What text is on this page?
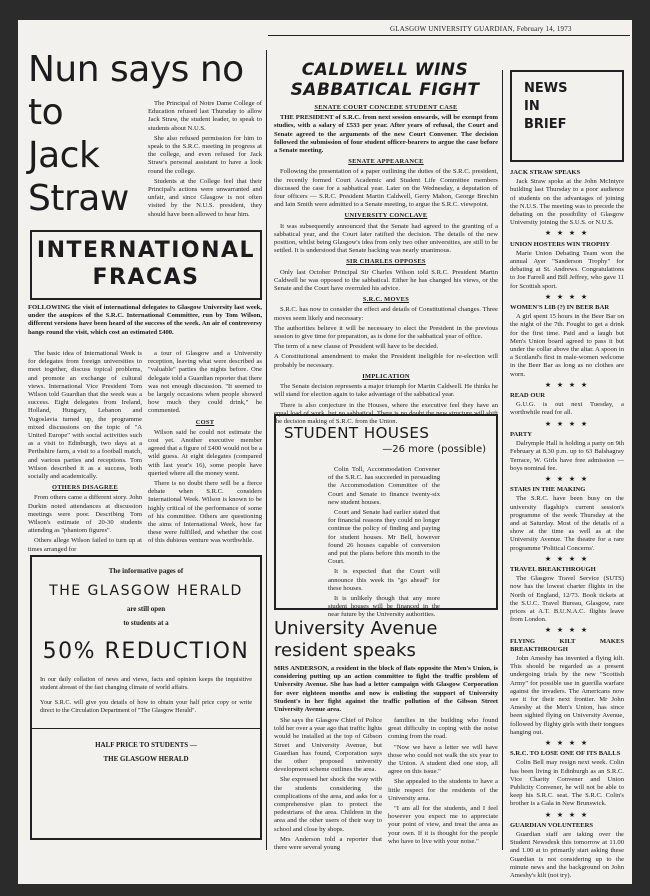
GLASGOW UNIVERSITY GUARDIAN, February 14, 1973
Nun says no
to
Jack
Straw

The Principal of Notre Dame College of Education refused last Thursday to allow Jack Straw, the student leader, to speak to students about N.U.S.

She also refused permission for him to speak to the S.R.C. meeting in progress at the college, and even refused for Jack Straw's personal assistant to have a look round the college.

Students at the College feel that their Principal's actions were unwarranted and unfair, and since Glasgow is not often visited by the N.U.S. president, they should have been allowed to hear him.

INTERNATIONAL
FRACAS
FOLLOWING the visit of international delegates to Glasgow University last week, under the auspices of the S.R.C. International Committee, run by Tom Wilson, different versions have been heard of the success of the week. An air of controversy hangs round the visit, which cost an estimated £400.

The basic idea of International Week is for delegates from foreign universities to meet together, discuss topical problems, and promote an exchange of cultural views. International Vice President Tom Wilson told Guardian that the week was a success. Eight delegates from Ireland, Holland, Hungary, Lebanon and Yugoslavia turned up, the programme mixed discussions on the topic of "A United Europe" with social activities such as a visit to Edinburgh, two days at a Perthshire farm, a visit to a football match, and various parties and receptions. Tom Wilson described it as a success, both socially and academically.

OTHERS DISAGREE

From others came a different story. John Durkin noted attendances at discussion meetings were poor. Describing Tom Wilson's estimate of 20-30 students attending as "phantom figures".

Others allege Wilson failed to turn up at times arranged for

a tour of Glasgow and a University reception, leaving what were described as "valuable" parties the nights before. One delegate told a Guardian reporter that there was not enough discussion. "It seemed to be largely occasions when people showed how much they could drink," he commented.

COST

Wilson said he could not estimate the cost yet. Another executive member agreed that a figure of £400 would not be a wild guess. At eight delegates (compared with last year's 16), some people have queried where all the money went.

There is no doubt there will be a fierce debate when S.R.C. considers International Week. Wilson is known to be highly critical of the performance of some of his committee. Others are questioning the aims of International Week, how far these were fulfilled, and whether the cost of this dubious venture was worthwhile.

The informative pages of
THE GLASGOW HERALD
are still open
to students at a
50% REDUCTION
In our daily collation of news and views, facts and opinion keeps the inquisitive student abreast of the fast changing climate of world affairs.
Your S.R.C. will give you details of how to obtain your half price copy or write direct to the Circulation Department of "The Glasgow Herald".
HALF PRICE TO STUDENTS —
THE GLASGOW HERALD
CALDWELL WINS
SABBATICAL FIGHT
SENATE COURT CONCEDE STUDENT CASE

THE PRESIDENT of S.R.C. from next session onwards, will be exempt from studies, with a salary of £533 per year. After years of refusal, the Court and Senate agreed to the arguments of the new Court Convener. The decision followed the submission of four student officer-bearers to argue the case before a Senate meeting.

SENATE APPEARANCE

Following the presentation of a paper outlining the duties of the S.R.C. president, the recently formed Court Academic and Student Life Committee members discussed the case for a sabbatical year. Later on the Wednesday, a deputation of four officers — S.R.C. President Martin Caldwell, Gerry Mahon, George Brechin and Iain Smith were admitted to a Senate meeting, to argue the S.R.C. viewpoint.

UNIVERSITY CONCLAVE

It was subsequently announced that the Senate had agreed to the granting of a sabbatical year, and the Court later ratified the decision. The details of the new position, whilst being Glasgow's idea from only two other universities, are still to be settled. It is understood that Senate backing was nearly unanimous.

SIR CHARLES OPPOSES

Only last October Principal Sir Charles Wilson told S.R.C. President Martin Caldwell he was opposed to the sabbatical. Either he has changed his views, or the Senate and the Court have overruled his advice.

S.R.C. MOVES

S.R.C. has now to consider the effect and details of Constitutional changes. Three moves seem likely and necessary:

The authorities believe it will be necessary to elect the President in the previous session to give time for preparation, as is done for the sabbatical year of office.

The term of a new clause of President will have to be decided.

A Constitutional amendment to make the President ineligible for re-election will probably be necessary.

IMPLICATION

The Senate decision represents a major triumph for Martin Caldwell. He thinks he will stand for election again to take advantage of the sabbatical year.

There is also conjecture in the Houses, where the executive feel they have an equal load of work, but no sabbatical. There is no doubt the new structure will shift the decision making of S.R.C. from the Union.

STUDENT HOUSES
—26 more (possible)

Colin Toll, Accommodation Convener of the S.R.C. has succeeded in persuading the Accommodation Committee of the Court and Senate to finance twenty-six new student houses.

Court and Senate had earlier stated that for financial reasons they could no longer continue the policy of finding and paying for student houses. Mr Bell, however found 26 houses capable of conversion and put the plans before this month to the Court.

It is expected that the Court will announce this week its "go ahead" for these houses.

It is unlikely though that any more student houses will be financed in the near future by the University authorities.

University Avenue
resident speaks
MRS ANDERSON, a resident in the block of flats opposite the Men's Union, is considering putting up an action committee to fight the traffic problem of University Avenue. She has had a letter campaign with Glasgow Corporation for over eighteen months and now is enlisting the support of University Student's in her fight against the traffic pollution of the Gibson Street University Avenue area.

She says the Glasgow Chief of Police told her over a year ago that traffic lights would be installed at the top of Gibson Street and University Avenue, but Guardian has found, Corporation says the other proposed university development scheme outlines the area.

She expressed her shock the way with the students considering the complications of the area, and asks for a comprehensive plan to protect the pedestrians of the area. Children in the area and the other users of their way to school and close by shops.

Mrs Anderson told a reporter that there were several young

families in the building who found great difficulty in coping with the noise coming from the road.

"Now we have a letter we will have those who could not walk the six year to the Union. A student died one stop, all agree on this issue."

She appealed to the students to have a little respect for the residents of the University area.

"I am all for the students, and I feel however you expect me to appreciate your point of view, and treat the area as your own. If it is thought for the people who have to live with your noise."

NEWS
IN
BRIEF
JACK STRAW SPEAKS

Jack Straw spoke at the John McIntyre building last Thursday to a poor audience of students on the advantages of joining the N.U.S. The meeting was to precede the debating on the possibility of Glasgow University joining the S.U.S. or N.U.S.

★ ★ ★ ★
UNION HOSTERS WIN TROPHY

Marie Union Debating Team won the annual Ayer "Sanderson Trophy" for debating at St. Andrews. Congratulations to Joe Farrell and Bill Jeffrey, who gave 11 for Scottish sport.

★ ★ ★ ★
WOMEN'S LIB (?) IN BEER BAR

A girl spent 15 hours in the Beer Bar on the night of the 7th. Fought to get a drink for the first time. Paid and a laugh but Men's Union board agreed to pass it but under the collar above the altar. A spoon in a Scotland's first in male-women welcome in the Beer Bar as long as no clothes are worn.

★ ★ ★ ★
READ OUR

G.U.G. is out next Tuesday, a worthwhile read for all.

★ ★ ★ ★
PARTY

Dalrymple Hall is holding a party on 9th February at 8.30 p.m. up to 63 Balshagray Terrace, W. Girls have free admission — boys nominal fee.

★ ★ ★ ★
STARS IN THE MAKING

The S.R.C. have been busy on the university flagship's current session's programme of the week Thursday at the and at Saturday. Most of the details of a show at the time as well as at the University Avenue. The theatre for a rare programme 'Political Concerns'.

★ ★ ★ ★
TRAVEL BREAKTHROUGH

The Glasgow Travel Service (SUTS) now has the lowest charter flights in the North of England, 12/73. Book tickets at the S.U.C. Travel Bureau, Glasgow, rare prices at A.T. B.U.N.A.C. flights leave from London.

★ ★ ★ ★
FLYING KILT MAKES BREAKTHROUGH

John Ameshy has invented a flying kilt. This should be regarded as a present undergoing trials by the new "Scottish Army" for possible use in guerilla warfare against the invaders. The Americans now see it for their next frontier. Mr John Ameshy at the Men's Union, has since been sighted flying on University Avenue, followed by flighty girls with their tongues hanging out.

★ ★ ★ ★
S.R.C. TO LOSE ONE OF ITS BALLS

Colin Bell may resign next week. Colin has been living in Edinburgh as an S.R.C. Vice Charity Convener and Union Publicity Convener, he will not be able to keep his S.R.C. seat. The S.R.C. Colin's brother is a Gala in New Brunswick.

★ ★ ★ ★
GUARDIAN VOLUNTEERS

Guardian staff are taking over the Student Newsdesk this tomorrow at 11.00 and 1.00 at to primarily start asking these Guardian is not considering up to the minute news and the background on John Ameshy's kilt (not try).
